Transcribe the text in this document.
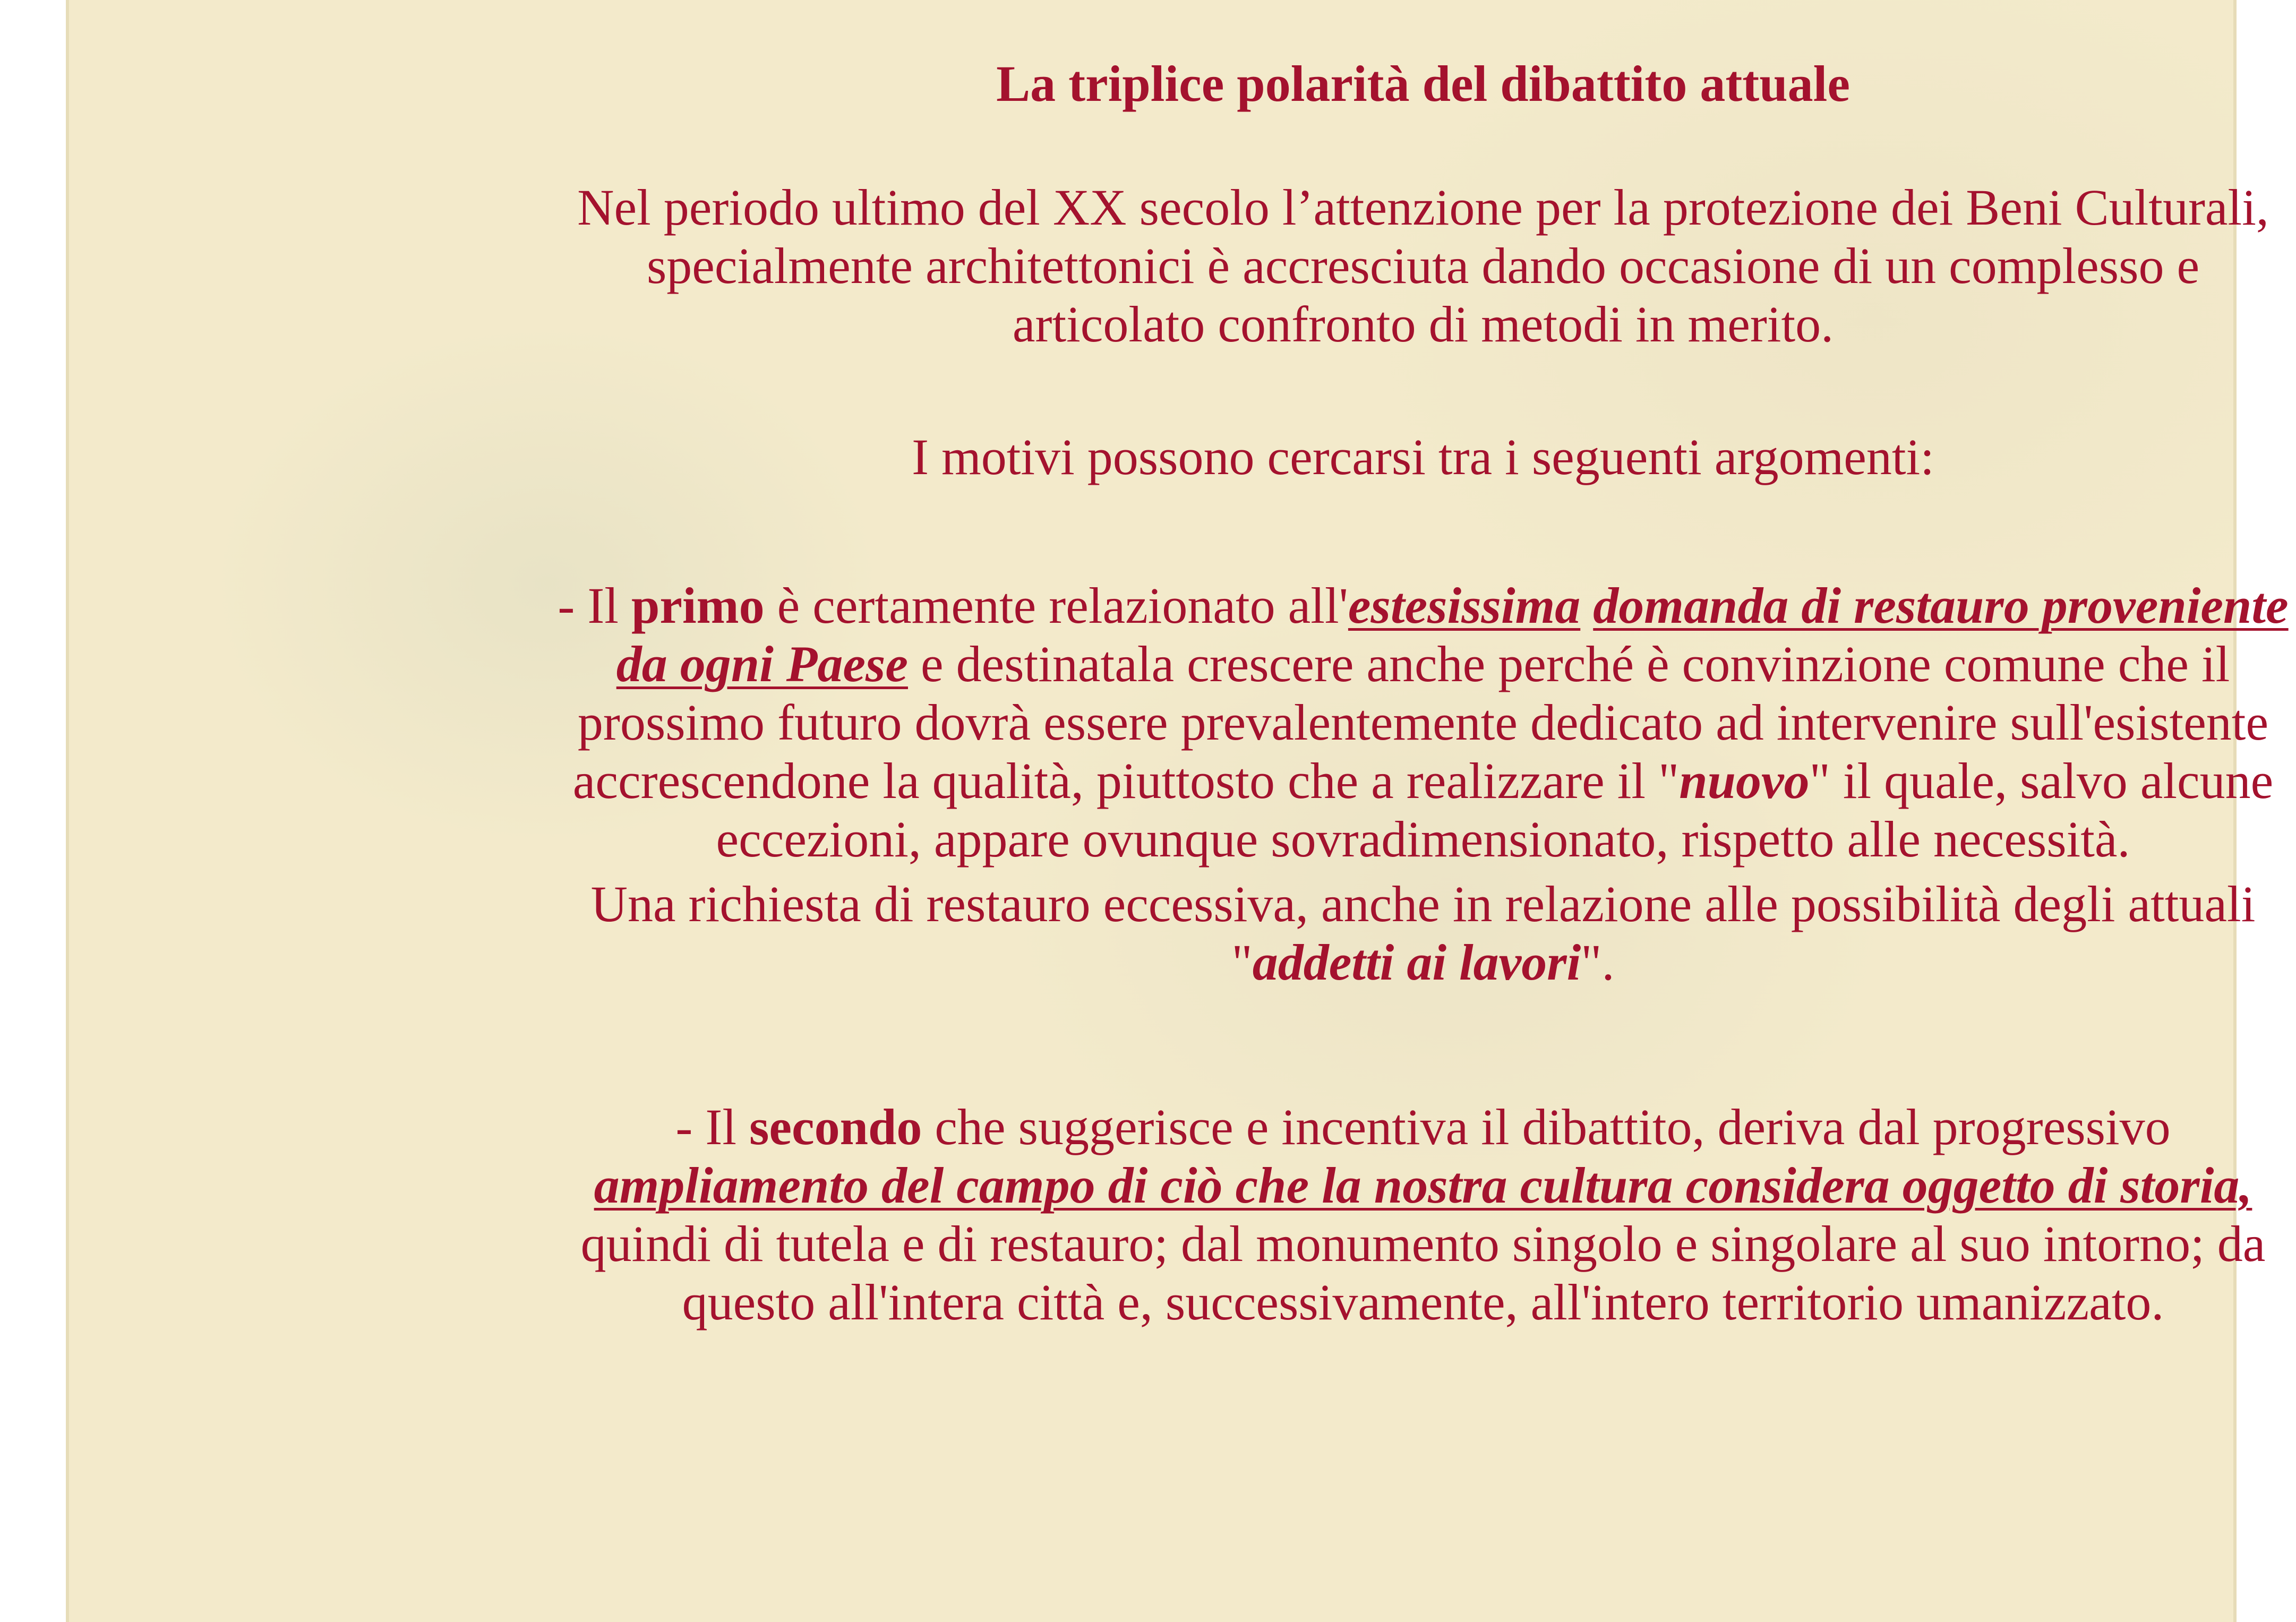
La triplice polarità del dibattito attuale

Nel periodo ultimo del XX secolo l’attenzione per la protezione dei Beni Culturali, specialmente architettonici è accresciuta dando occasione di un complesso e articolato confronto di metodi in merito.

I motivi possono cercarsi tra i seguenti argomenti:

- Il primo è certamente relazionato all'estesissima domanda di restauro proveniente da ogni Paese e destinatala crescere anche perché è convinzione comune che il prossimo futuro dovrà essere prevalentemente dedicato ad intervenire sull'esistente accrescendone la qualità, piuttosto che a realizzare il "nuovo" il quale, salvo alcune eccezioni, appare ovunque sovradimensionato, rispetto alle necessità.

Una richiesta di restauro eccessiva, anche in relazione alle possibilità degli attuali "addetti ai lavori".

- Il secondo che suggerisce e incentiva il dibattito, deriva dal progressivo ampliamento del campo di ciò che la nostra cultura considera oggetto di storia, quindi di tutela e di restauro; dal monumento singolo e singolare al suo intorno; da questo all'intera città e, successivamente, all'intero territorio umanizzato.
